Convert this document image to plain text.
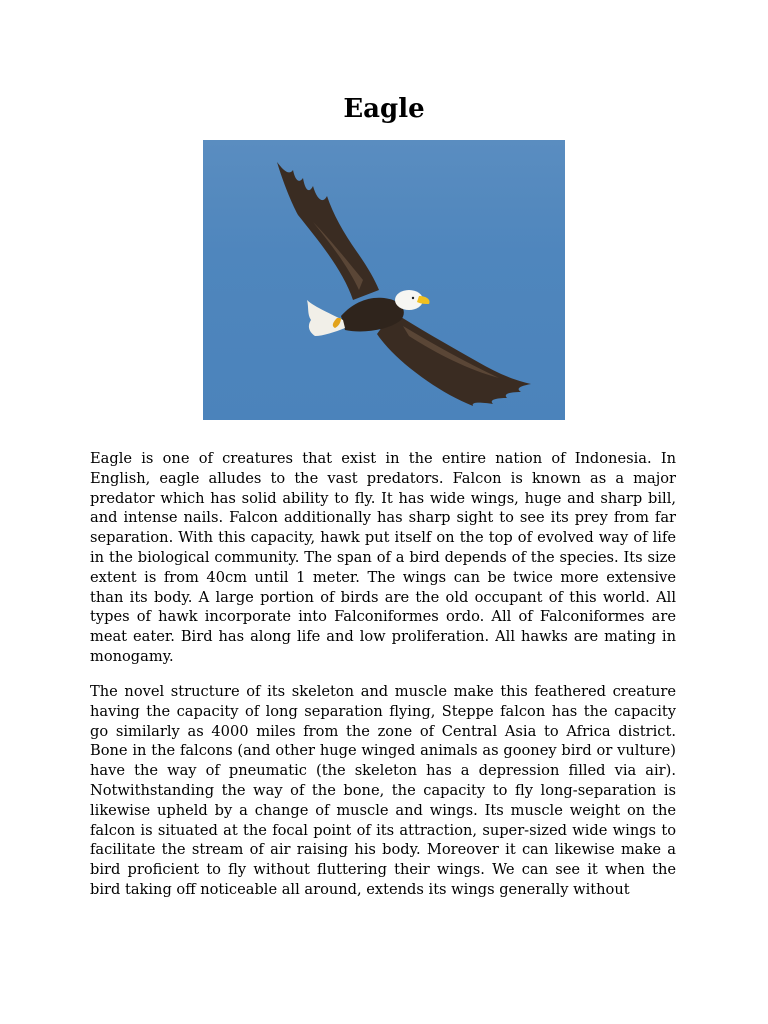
Eagle

Eagle is one of creatures that exist in the entire nation of Indonesia. In English, eagle alludes to the vast predators. Falcon is known as a major predator which has solid ability to fly. It has wide wings, huge and sharp bill, and intense nails. Falcon additionally has sharp sight to see its prey from far separation. With this capacity, hawk put itself on the top of evolved way of life in the biological community. The span of a bird depends of the species. Its size extent is from 40cm until 1 meter. The wings can be twice more extensive than its body. A large portion of birds are the old occupant of this world. All types of hawk incorporate into Falconiformes ordo. All of Falconiformes are meat eater. Bird has along life and low proliferation. All hawks are mating in monogamy.

The novel structure of its skeleton and muscle make this feathered creature having the capacity of long separation flying, Steppe falcon has the capacity go similarly as 4000 miles from the zone of Central Asia to Africa district. Bone in the falcons (and other huge winged animals as gooney bird or vulture) have the way of pneumatic (the skeleton has a depression filled via air). Notwithstanding the way of the bone, the capacity to fly long-separation is likewise upheld by a change of muscle and wings. Its muscle weight on the falcon is situated at the focal point of its attraction, super-sized wide wings to facilitate the stream of air raising his body. Moreover it can likewise make a bird proficient to fly without fluttering their wings. We can see it when the bird taking off noticeable all around, extends its wings generally without
